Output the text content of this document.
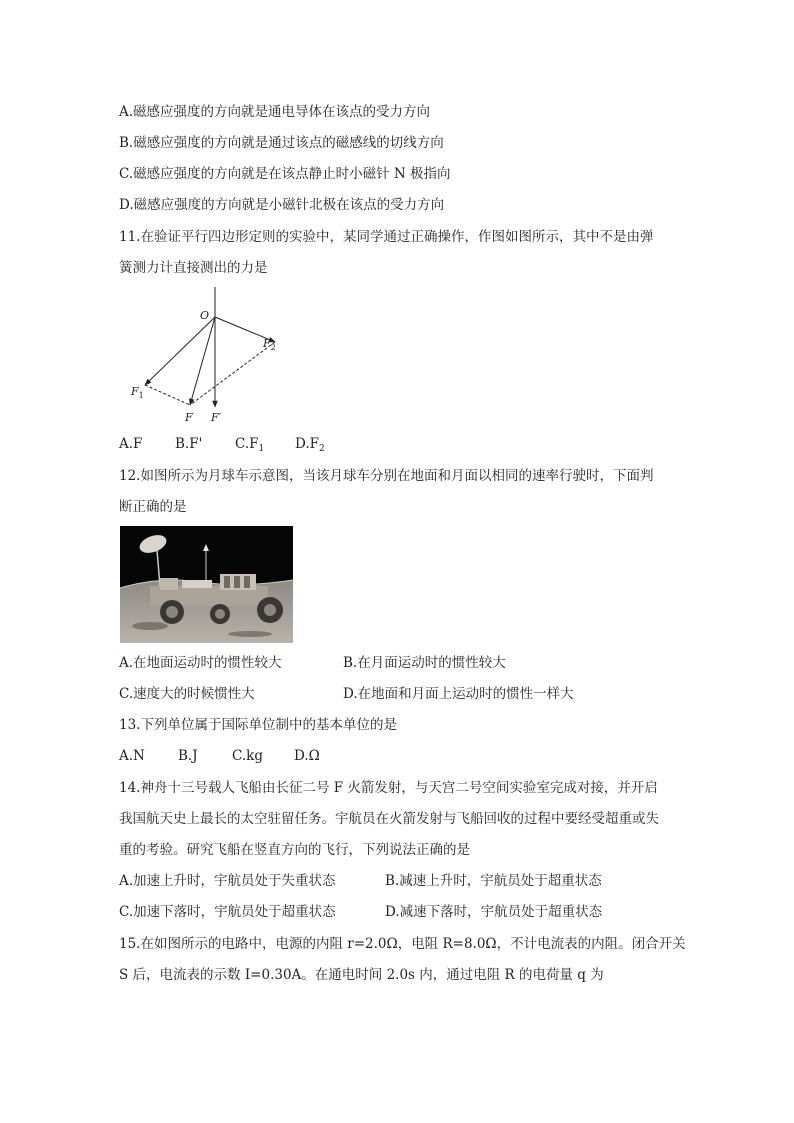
A.磁感应强度的方向就是通电导体在该点的受力方向
B.磁感应强度的方向就是通过该点的磁感线的切线方向
C.磁感应强度的方向就是在该点静止时小磁针 N 极指向
D.磁感应强度的方向就是小磁针北极在该点的受力方向
11.在验证平行四边形定则的实验中，某同学通过正确操作，作图如图所示，其中不是由弹
簧测力计直接测出的力是
O
$F_2$
$F_1$
F F′
A.F B.F' $C.F_1$ $D.F_2$
12.如图所示为月球车示意图，当该月球车分别在地面和月面以相同的速率行驶时，下面判
断正确的是
A.在地面运动时的惯性较大	B.在月面运动时的惯性较大
C.速度大的时候惯性大	D.在地面和月面上运动时的惯性一样大
13.下列单位属于国际单位制中的基本单位的是
A.N B.J	C.kg D.Ω
14.神舟十三号载人飞船由长征二号 F 火箭发射，与天宫二号空间实验室完成对接，并开启
我国航天史上最长的太空驻留任务。宇航员在火箭发射与飞船回收的过程中要经受超重或失
重的考验。研究飞船在竖直方向的飞行，下列说法正确的是
A.加速上升时，宇航员处于失重状态	B.减速上升时，宇航员处于超重状态
C.加速下落时，宇航员处于超重状态	D.减速下落时，宇航员处于超重状态
15.在如图所示的电路中，电源的内阻 r=2.0Ω，电阻 R=8.0Ω，不计电流表的内阻。闭合开关
S 后，电流表的示数 I=0.30A。在通电时间 2.0s 内，通过电阻 R 的电荷量 q 为
